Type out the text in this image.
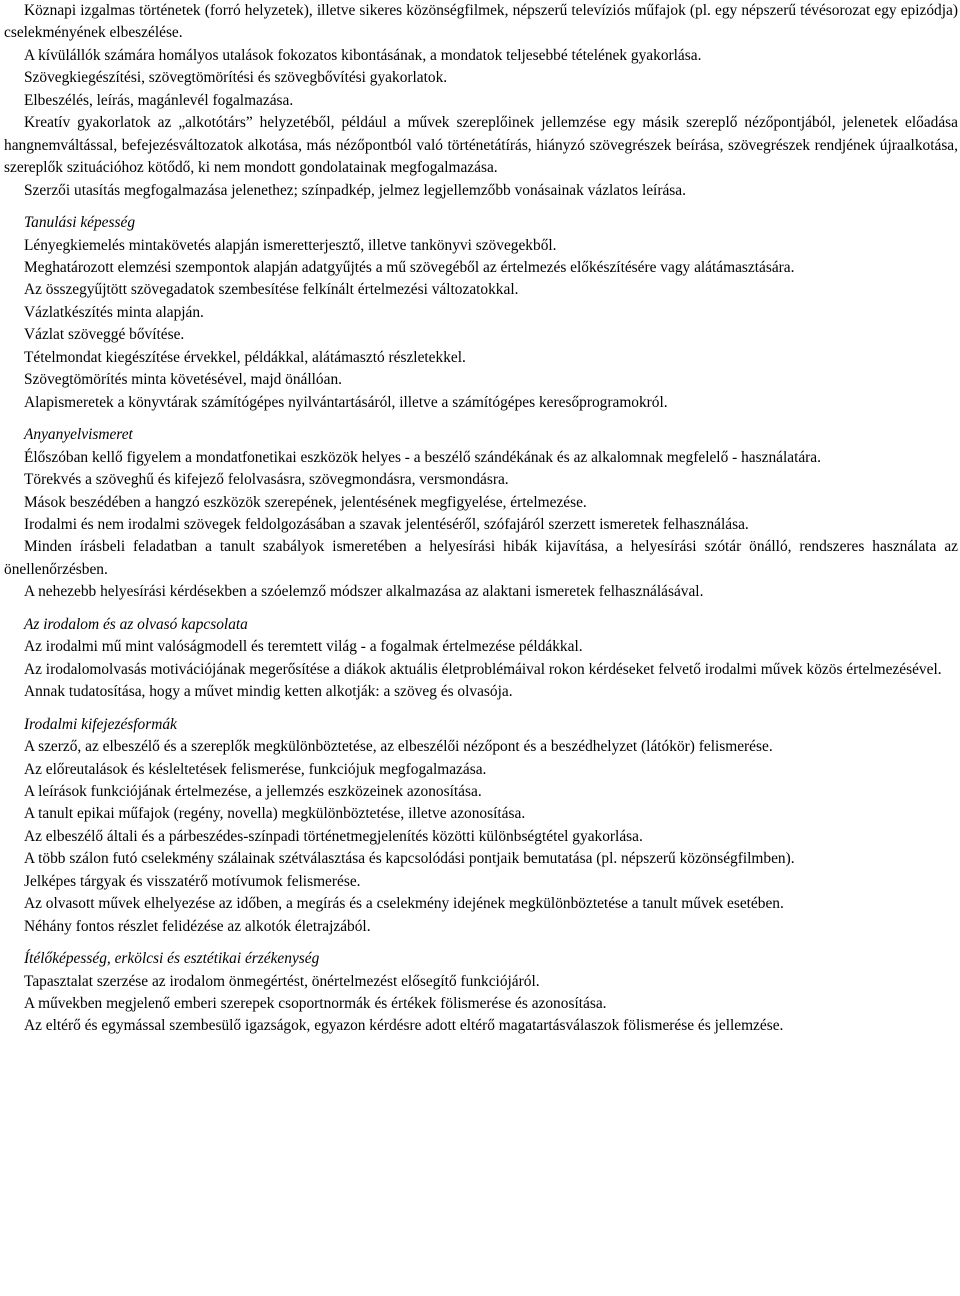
Köznapi izgalmas történetek (forró helyzetek), illetve sikeres közönségfilmek, népszerű televíziós műfajok (pl. egy népszerű tévésorozat egy epizódja) cselekményének elbeszélése.

A kívülállók számára homályos utalások fokozatos kibontásának, a mondatok teljesebbé tételének gyakorlása.

Szövegkiegészítési, szövegtömörítési és szövegbővítési gyakorlatok.

Elbeszélés, leírás, magánlevél fogalmazása.

Kreatív gyakorlatok az „alkotótárs” helyzetéből, például a művek szereplőinek jellemzése egy másik szereplő nézőpontjából, jelenetek előadása hangnemváltással, befejezésváltozatok alkotása, más nézőpontból való történetátírás, hiányzó szövegrészek beírása, szövegrészek rendjének újraalkotása, szereplők szituációhoz kötődő, ki nem mondott gondolatainak megfogalmazása.

Szerzői utasítás megfogalmazása jelenethez; színpadkép, jelmez legjellemzőbb vonásainak vázlatos leírása.

Tanulási képesség

Lényegkiemelés mintakövetés alapján ismeretterjesztő, illetve tankönyvi szövegekből.

Meghatározott elemzési szempontok alapján adatgyűjtés a mű szövegéből az értelmezés előkészítésére vagy alátámasztására.

Az összegyűjtött szövegadatok szembesítése felkínált értelmezési változatokkal.

Vázlatkészítés minta alapján.

Vázlat szöveggé bővítése.

Tételmondat kiegészítése érvekkel, példákkal, alátámasztó részletekkel.

Szövegtömörítés minta követésével, majd önállóan.

Alapismeretek a könyvtárak számítógépes nyilvántartásáról, illetve a számítógépes keresőprogramokról.

Anyanyelvismeret

Élőszóban kellő figyelem a mondatfonetikai eszközök helyes - a beszélő szándékának és az alkalomnak megfelelő - használatára.

Törekvés a szöveghű és kifejező felolvasásra, szövegmondásra, versmondásra.

Mások beszédében a hangzó eszközök szerepének, jelentésének megfigyelése, értelmezése.

Irodalmi és nem irodalmi szövegek feldolgozásában a szavak jelentéséről, szófajáról szerzett ismeretek felhasználása.

Minden írásbeli feladatban a tanult szabályok ismeretében a helyesírási hibák kijavítása, a helyesírási szótár önálló, rendszeres használata az önellenőrzésben.

A nehezebb helyesírási kérdésekben a szóelemző módszer alkalmazása az alaktani ismeretek felhasználásával.

Az irodalom és az olvasó kapcsolata

Az irodalmi mű mint valóságmodell és teremtett világ - a fogalmak értelmezése példákkal.

Az irodalomolvasás motivációjának megerősítése a diákok aktuális életproblémáival rokon kérdéseket felvető irodalmi művek közös értelmezésével.

Annak tudatosítása, hogy a művet mindig ketten alkotják: a szöveg és olvasója.

Irodalmi kifejezésformák

A szerző, az elbeszélő és a szereplők megkülönböztetése, az elbeszélői nézőpont és a beszédhelyzet (látókör) felismerése.

Az előreutalások és késleltetések felismerése, funkciójuk megfogalmazása.

A leírások funkciójának értelmezése, a jellemzés eszközeinek azonosítása.

A tanult epikai műfajok (regény, novella) megkülönböztetése, illetve azonosítása.

Az elbeszélő általi és a párbeszédes-színpadi történetmegjelenítés közötti különbségtétel gyakorlása.

A több szálon futó cselekmény szálainak szétválasztása és kapcsolódási pontjaik bemutatása (pl. népszerű közönségfilmben).

Jelképes tárgyak és visszatérő motívumok felismerése.

Az olvasott művek elhelyezése az időben, a megírás és a cselekmény idejének megkülönböztetése a tanult művek esetében.

Néhány fontos részlet felidézése az alkotók életrajzából.

Ítélőképesség, erkölcsi és esztétikai érzékenység

Tapasztalat szerzése az irodalom önmegértést, önértelmezést elősegítő funkciójáról.

A művekben megjelenő emberi szerepek csoportnormák és értékek fölismerése és azonosítása.

Az eltérő és egymással szembesülő igazságok, egyazon kérdésre adott eltérő magatartásválaszok fölismerése és jellemzése.
